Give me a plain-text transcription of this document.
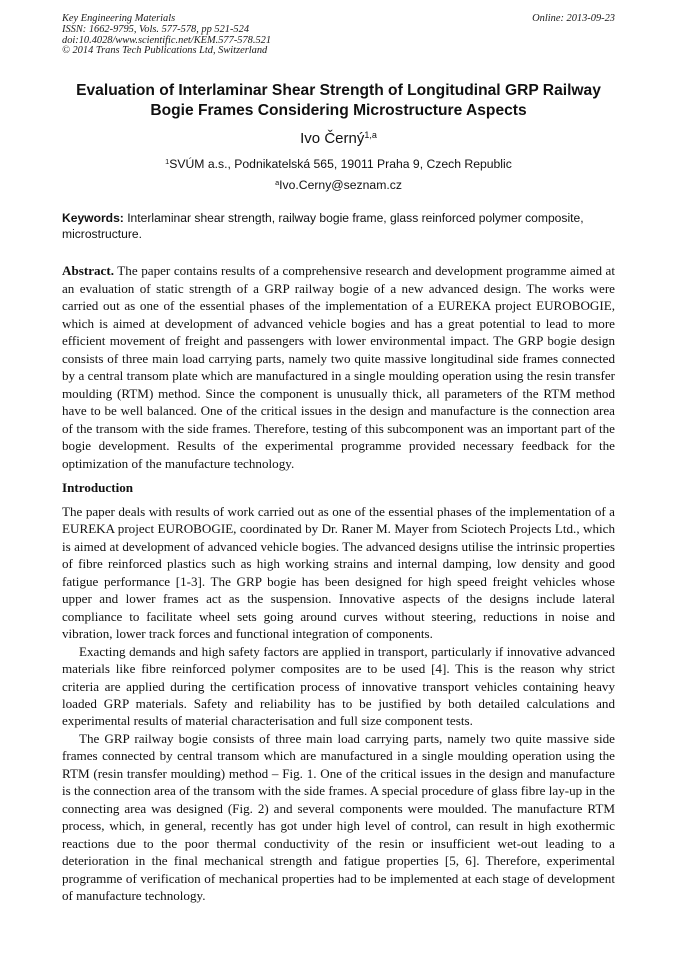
Key Engineering Materials
ISSN: 1662-9795, Vols. 577-578, pp 521-524
doi:10.4028/www.scientific.net/KEM.577-578.521
© 2014 Trans Tech Publications Ltd, Switzerland
Online: 2013-09-23
Evaluation of Interlaminar Shear Strength of Longitudinal GRP Railway
Bogie Frames Considering Microstructure Aspects
Ivo Černý$^{1,a}$
$^1$SVÚM a.s., Podnikatelská 565, 19011 Praha 9, Czech Republic
$^a$Ivo.Cerny@seznam.cz
Keywords: Interlaminar shear strength, railway bogie frame, glass reinforced polymer composite, microstructure.
Abstract. The paper contains results of a comprehensive research and development programme aimed at an evaluation of static strength of a GRP railway bogie of a new advanced design. The works were carried out as one of the essential phases of the implementation of a EUREKA project EUROBOGIE, which is aimed at development of advanced vehicle bogies and has a great potential to lead to more efficient movement of freight and passengers with lower environmental impact. The GRP bogie design consists of three main load carrying parts, namely two quite massive longitudinal side frames connected by a central transom plate which are manufactured in a single moulding operation using the resin transfer moulding (RTM) method. Since the component is unusually thick, all parameters of the RTM method have to be well balanced. One of the critical issues in the design and manufacture is the connection area of the transom with the side frames. Therefore, testing of this subcomponent was an important part of the bogie development. Results of the experimental programme provided necessary feedback for the optimization of the manufacture technology.
Introduction

The paper deals with results of work carried out as one of the essential phases of the implementation of a EUREKA project EUROBOGIE, coordinated by Dr. Raner M. Mayer from Sciotech Projects Ltd., which is aimed at development of advanced vehicle bogies. The advanced designs utilise the intrinsic properties of fibre reinforced plastics such as high working strains and internal damping, low density and good fatigue performance [1-3]. The GRP bogie has been designed for high speed freight vehicles whose upper and lower frames act as the suspension. Innovative aspects of the designs include lateral compliance to facilitate wheel sets going around curves without steering, reductions in noise and vibration, lower track forces and functional integration of components.

Exacting demands and high safety factors are applied in transport, particularly if innovative advanced materials like fibre reinforced polymer composites are to be used [4]. This is the reason why strict criteria are applied during the certification process of innovative transport vehicles containing heavy loaded GRP materials. Safety and reliability has to be justified by both detailed calculations and experimental results of material characterisation and full size component tests.

The GRP railway bogie consists of three main load carrying parts, namely two quite massive side frames connected by central transom which are manufactured in a single moulding operation using the RTM (resin transfer moulding) method – Fig. 1. One of the critical issues in the design and manufacture is the connection area of the transom with the side frames. A special procedure of glass fibre lay-up in the connecting area was designed (Fig. 2) and several components were moulded. The manufacture RTM process, which, in general, recently has got under high level of control, can result in high exothermic reactions due to the poor thermal conductivity of the resin or insufficient wet-out leading to a deterioration in the final mechanical strength and fatigue properties [5, 6]. Therefore, experimental programme of verification of mechanical properties had to be implemented at each stage of development of manufacture technology.
